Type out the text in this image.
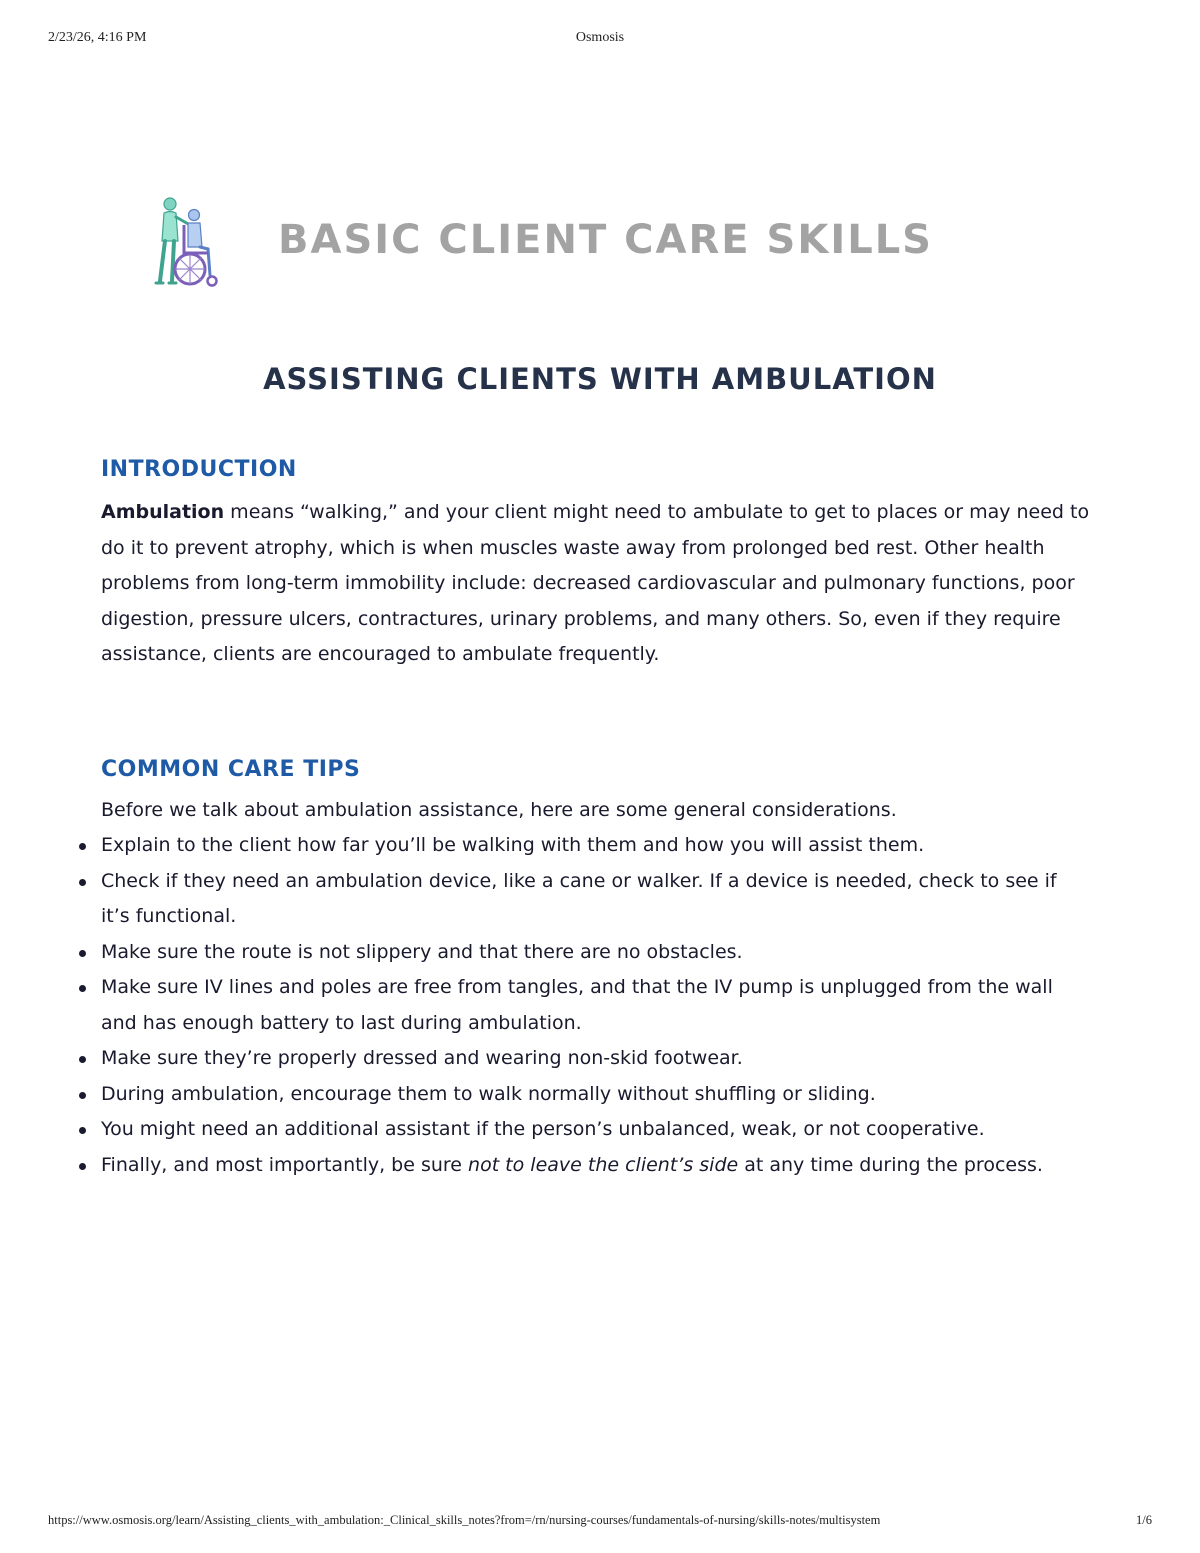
2/23/26, 4:16 PM	Osmosis
BASIC CLIENT CARE SKILLS
ASSISTING CLIENTS WITH AMBULATION
INTRODUCTION
Ambulation means “walking,” and your client might need to ambulate to get to places or may need to do it to prevent atrophy, which is when muscles waste away from prolonged bed rest. Other health problems from long-term immobility include: decreased cardiovascular and pulmonary functions, poor digestion, pressure ulcers, contractures, urinary problems, and many others. So, even if they require assistance, clients are encouraged to ambulate frequently.
COMMON CARE TIPS
Before we talk about ambulation assistance, here are some general considerations.
Explain to the client how far you’ll be walking with them and how you will assist them.
Check if they need an ambulation device, like a cane or walker. If a device is needed, check to see if it’s functional.
Make sure the route is not slippery and that there are no obstacles.
Make sure IV lines and poles are free from tangles, and that the IV pump is unplugged from the wall and has enough battery to last during ambulation.
Make sure they’re properly dressed and wearing non-skid footwear.
During ambulation, encourage them to walk normally without shuffling or sliding.
You might need an additional assistant if the person’s unbalanced, weak, or not cooperative.
Finally, and most importantly, be sure not to leave the client’s side at any time during the process.
https://www.osmosis.org/learn/Assisting_clients_with_ambulation:_Clinical_skills_notes?from=/rn/nursing-courses/fundamentals-of-nursing/skills-notes/multisystem	1/6
